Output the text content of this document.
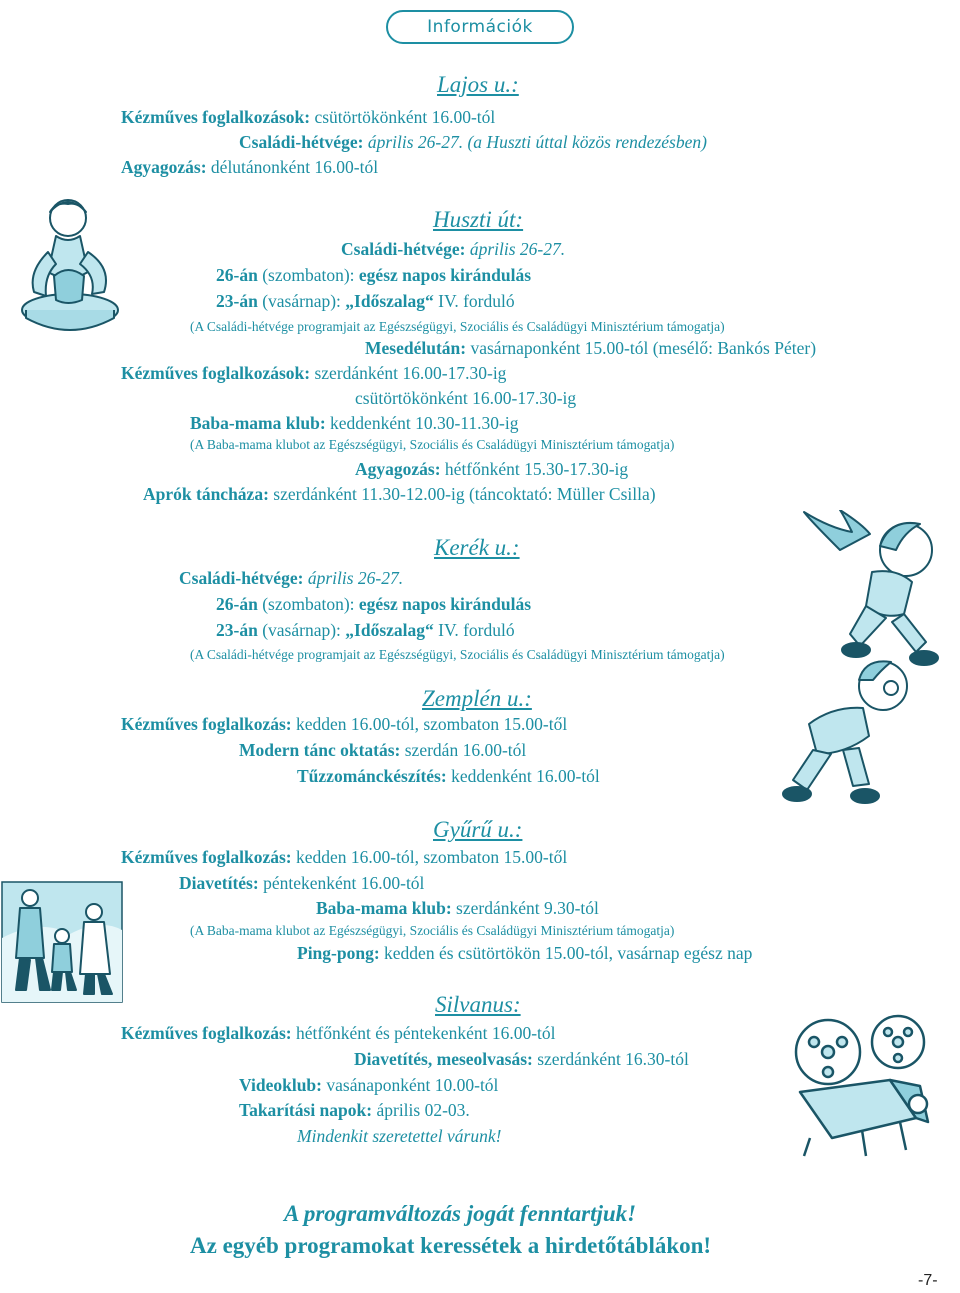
Információk
Lajos u.:
Kézműves foglalkozások: csütörtökönként 16.00-tól
Családi-hétvége: április 26-27. (a Huszti úttal közös rendezésben)
Agyagozás: délutánonként 16.00-tól
Huszti út:
Családi-hétvége: április 26-27.
26-án (szombaton): egész napos kirándulás
23-án (vasárnap): „Időszalag“ IV. forduló
(A Családi-hétvége programjait az Egészségügyi, Szociális és Családügyi Minisztérium támogatja)
Mesedélután: vasárnaponként 15.00-tól (mesélő: Bankós Péter)
Kézműves foglalkozások: szerdánként 16.00-17.30-ig
csütörtökönként 16.00-17.30-ig
Baba-mama klub: keddenként 10.30-11.30-ig
(A Baba-mama klubot az Egészségügyi, Szociális és Családügyi Minisztérium támogatja)
Agyagozás: hétfőnként 15.30-17.30-ig
Aprók táncháza: szerdánként 11.30-12.00-ig (táncoktató: Müller Csilla)
Kerék u.:
Családi-hétvége: április 26-27.
26-án (szombaton): egész napos kirándulás
23-án (vasárnap): „Időszalag“ IV. forduló
(A Családi-hétvége programjait az Egészségügyi, Szociális és Családügyi Minisztérium támogatja)
Zemplén u.:
Kézműves foglalkozás: kedden 16.00-tól, szombaton 15.00-től
Modern tánc oktatás: szerdán 16.00-tól
Tűzzománckészítés: keddenként 16.00-tól
Gyűrű u.:
Kézműves foglalkozás: kedden 16.00-tól, szombaton 15.00-től
Diavetítés: péntekenként 16.00-tól
Baba-mama klub: szerdánként 9.30-tól
(A Baba-mama klubot az Egészségügyi, Szociális és Családügyi Minisztérium támogatja)
Ping-pong: kedden és csütörtökön 15.00-tól, vasárnap egész nap
Silvanus:
Kézműves foglalkozás: hétfőnként és péntekenként 16.00-tól
Diavetítés, meseolvasás: szerdánként 16.30-tól
Videoklub: vasánaponként 10.00-tól
Takarítási napok: április 02-03.
Mindenkit szeretettel várunk!
A programváltozás jogát fenntartjuk!
Az egyéb programokat keressétek a hirdetőtáblákon!
-7-
